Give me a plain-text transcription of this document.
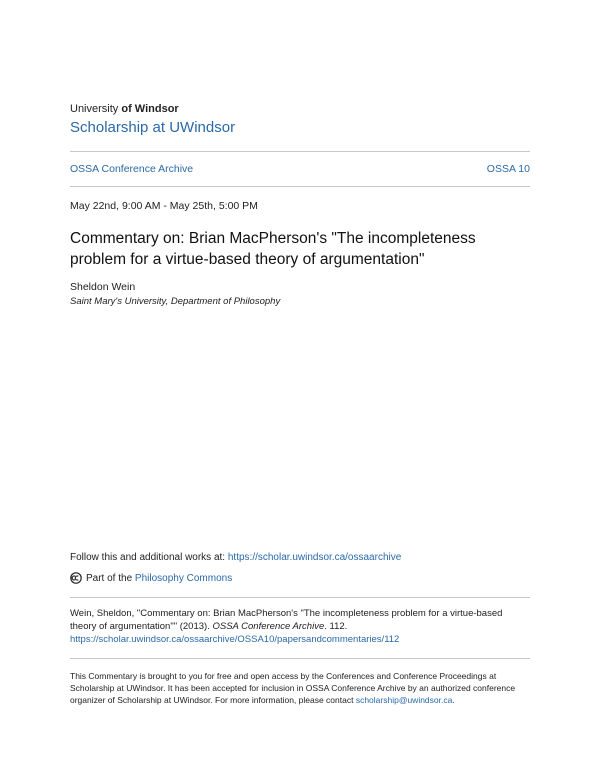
University of Windsor
Scholarship at UWindsor
OSSA Conference Archive	OSSA 10
May 22nd, 9:00 AM - May 25th, 5:00 PM
Commentary on: Brian MacPherson's "The incompleteness problem for a virtue-based theory of argumentation"
Sheldon Wein
Saint Mary's University, Department of Philosophy
Follow this and additional works at: https://scholar.uwindsor.ca/ossaarchive
Part of the Philosophy Commons
Wein, Sheldon, "Commentary on: Brian MacPherson's "The incompleteness problem for a virtue-based theory of argumentation"" (2013). OSSA Conference Archive. 112.
https://scholar.uwindsor.ca/ossaarchive/OSSA10/papersandcommentaries/112
This Commentary is brought to you for free and open access by the Conferences and Conference Proceedings at Scholarship at UWindsor. It has been accepted for inclusion in OSSA Conference Archive by an authorized conference organizer of Scholarship at UWindsor. For more information, please contact scholarship@uwindsor.ca.
